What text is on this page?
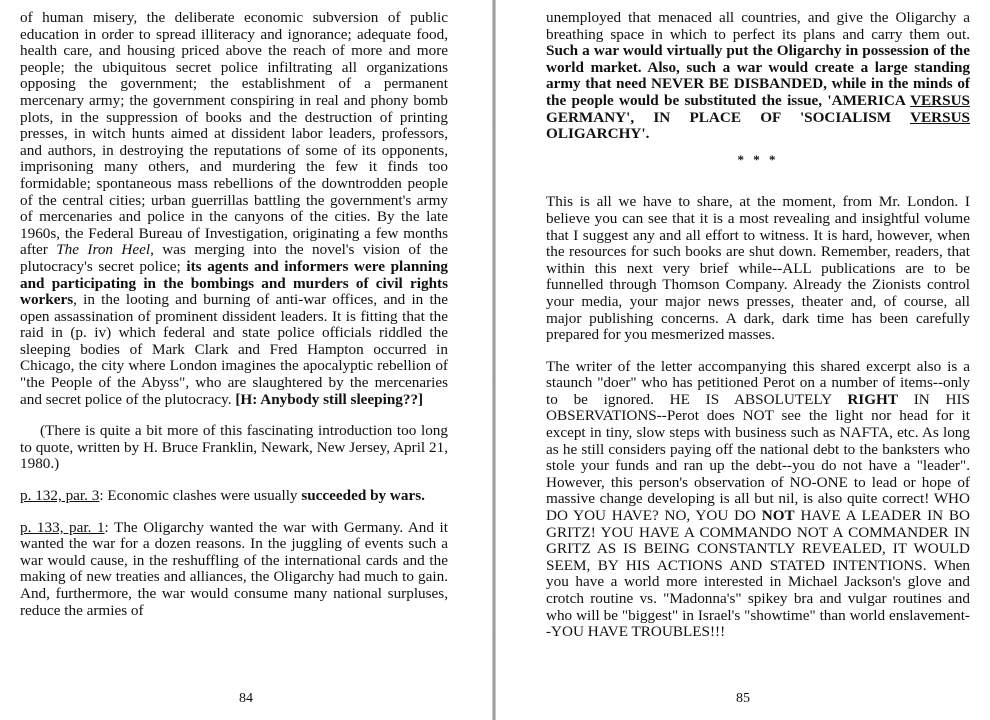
of human misery, the deliberate economic subversion of public education in order to spread illiteracy and ignorance; adequate food, health care, and housing priced above the reach of more and more people; the ubiquitous secret police infiltrating all organizations opposing the government; the establishment of a permanent mercenary army; the government conspiring in real and phony bomb plots, in the suppression of books and the destruction of printing presses, in witch hunts aimed at dissident labor leaders, professors, and authors, in destroying the reputations of some of its opponents, imprisoning many others, and murdering the few it finds too formidable; spontaneous mass rebellions of the downtrodden people of the central cities; urban guerrillas battling the government's army of mercenaries and police in the canyons of the cities. By the late 1960s, the Federal Bureau of Investigation, originating a few months after The Iron Heel, was merging into the novel's vision of the plutocracy's secret police; its agents and informers were planning and participating in the bombings and murders of civil rights workers, in the looting and burning of anti-war offices, and in the open assassination of prominent dissident leaders. It is fitting that the raid in (p. iv) which federal and state police officials riddled the sleeping bodies of Mark Clark and Fred Hampton occurred in Chicago, the city where London imagines the apocalyptic rebellion of "the People of the Abyss", who are slaughtered by the mercenaries and secret police of the plutocracy. [H: Anybody still sleeping??]

(There is quite a bit more of this fascinating introduction too long to quote, written by H. Bruce Franklin, Newark, New Jersey, April 21, 1980.)

p. 132, par. 3: Economic clashes were usually succeeded by wars.

p. 133, par. 1: The Oligarchy wanted the war with Germany. And it wanted the war for a dozen reasons. In the juggling of events such a war would cause, in the reshuffling of the international cards and the making of new treaties and alliances, the Oligarchy had much to gain. And, furthermore, the war would consume many national surpluses, reduce the armies of

84

unemployed that menaced all countries, and give the Oligarchy a breathing space in which to perfect its plans and carry them out. Such a war would virtually put the Oligarchy in possession of the world market. Also, such a war would create a large standing army that need NEVER BE DISBANDED, while in the minds of the people would be substituted the issue, 'AMERICA VERSUS GERMANY', IN PLACE OF 'SOCIALISM VERSUS OLIGARCHY'.

* * *

This is all we have to share, at the moment, from Mr. London. I believe you can see that it is a most revealing and insightful volume that I suggest any and all effort to witness. It is hard, however, when the resources for such books are shut down. Remember, readers, that within this next very brief while--ALL publications are to be funnelled through Thomson Company. Already the Zionists control your media, your major news presses, theater and, of course, all major publishing concerns. A dark, dark time has been carefully prepared for you mesmerized masses.

The writer of the letter accompanying this shared excerpt also is a staunch "doer" who has petitioned Perot on a number of items--only to be ignored. HE IS ABSOLUTELY RIGHT IN HIS OBSERVATIONS--Perot does NOT see the light nor head for it except in tiny, slow steps with business such as NAFTA, etc. As long as he still considers paying off the national debt to the banksters who stole your funds and ran up the debt--you do not have a "leader". However, this person's observation of NO-ONE to lead or hope of massive change developing is all but nil, is also quite correct! WHO DO YOU HAVE? NO, YOU DO NOT HAVE A LEADER IN BO GRITZ! YOU HAVE A COMMANDO NOT A COMMANDER IN GRITZ AS IS BEING CONSTANTLY REVEALED, IT WOULD SEEM, BY HIS ACTIONS AND STATED INTENTIONS. When you have a world more interested in Michael Jackson's glove and crotch routine vs. "Madonna's" spikey bra and vulgar routines and who will be "biggest" in Israel's "showtime" than world enslavement--YOU HAVE TROUBLES!!!

85
